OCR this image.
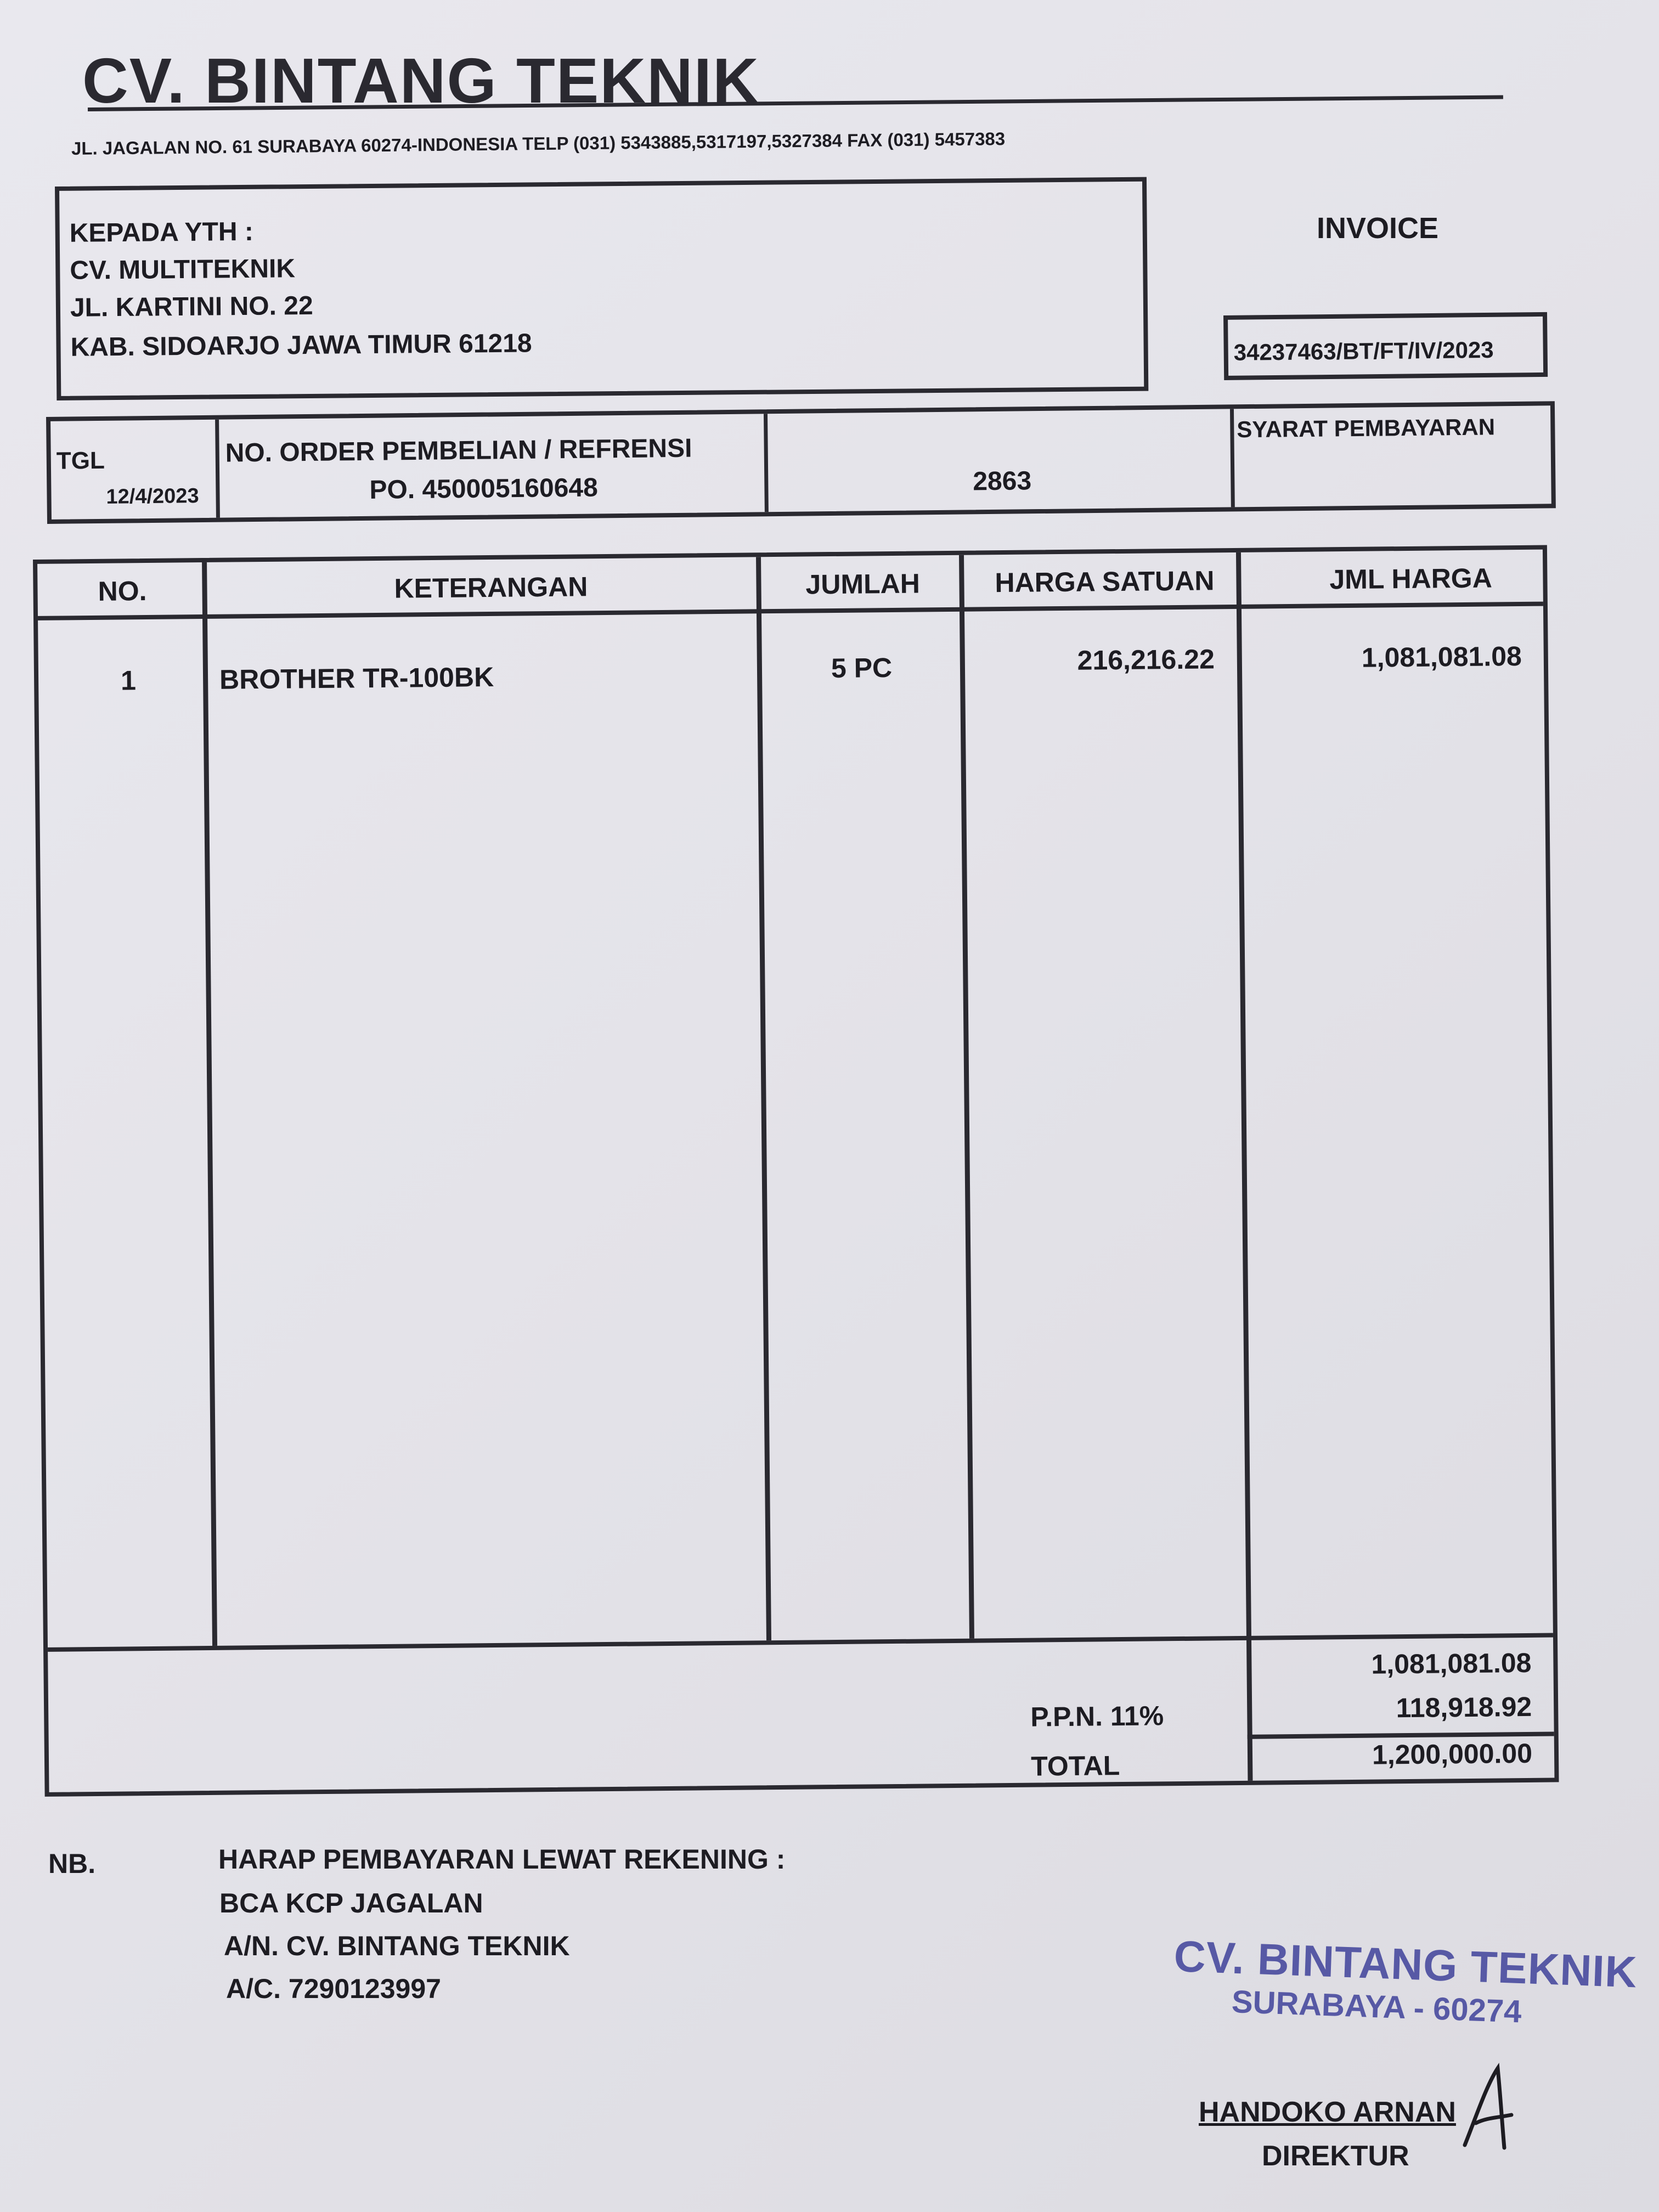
CV. BINTANG TEKNIK
JL. JAGALAN NO. 61 SURABAYA 60274-INDONESIA TELP (031) 5343885,5317197,5327384 FAX (031) 5457383
KEPADA YTH :
CV. MULTITEKNIK
JL. KARTINI NO. 22
KAB. SIDOARJO JAWA TIMUR 61218
INVOICE
34237463/BT/FT/IV/2023
TGL
12/4/2023
NO. ORDER PEMBELIAN / REFRENSI
PO. 450005160648	2863
SYARAT PEMBAYARAN
NO.	KETERANGAN	JUMLAH	HARGA SATUAN	JML HARGA
1	BROTHER TR-100BK	5 PC	216,216.22	1,081,081.08
1,081,081.08
P.P.N. 11%	118,918.92
TOTAL	1,200,000.00
NB.	HARAP PEMBAYARAN LEWAT REKENING :
BCA KCP JAGALAN
A/N. CV. BINTANG TEKNIK
A/C. 7290123997	CV. BINTANG TEKNIK
SURABAYA - 60274
HANDOKO ARNAN
DIREKTUR
